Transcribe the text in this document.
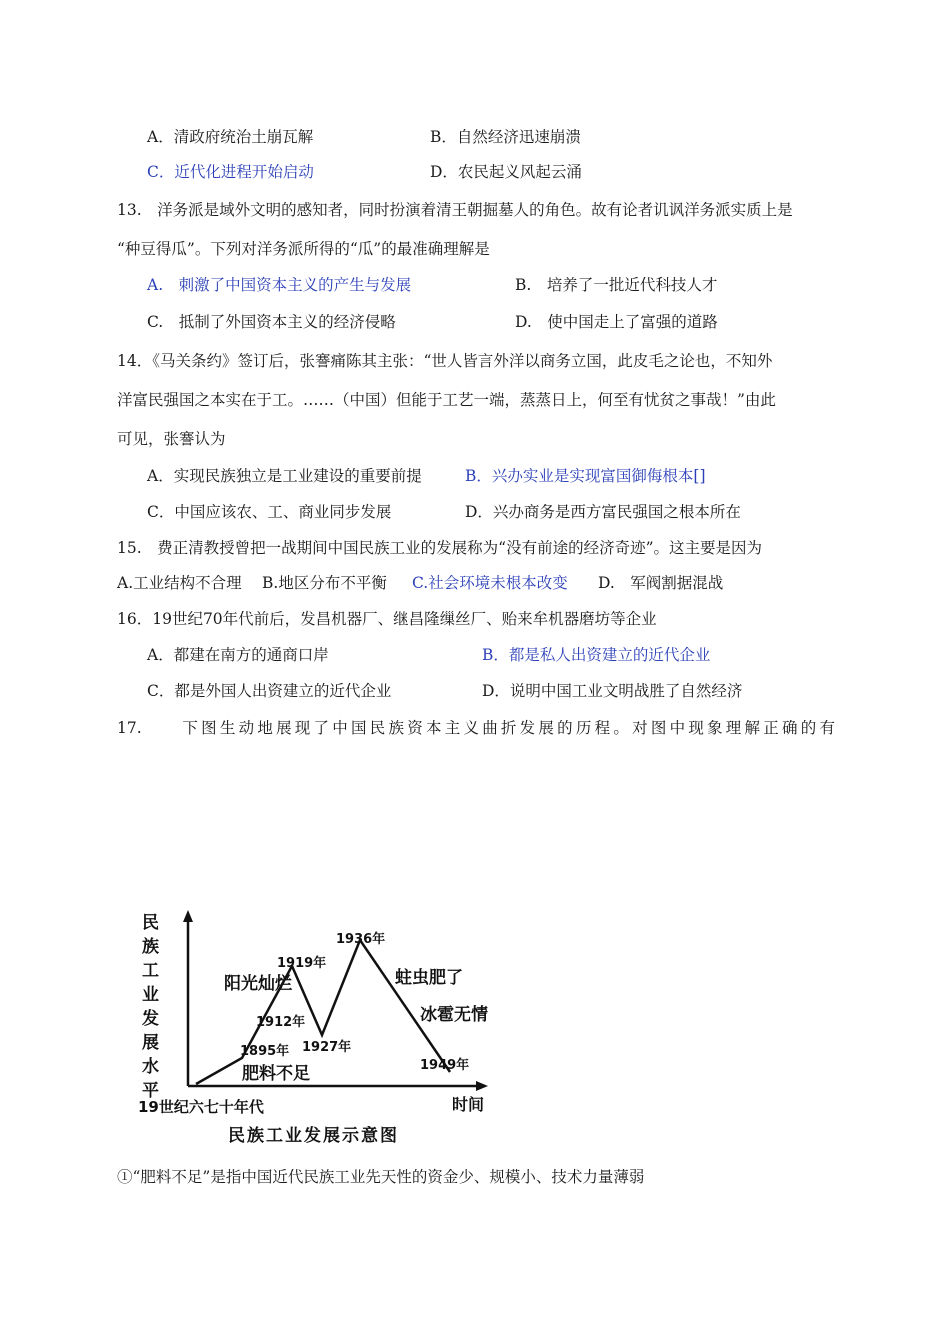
A．清政府统治土崩瓦解	B．自然经济迅速崩溃
C．近代化进程开始启动	D．农民起义风起云涌
13.　洋务派是域外文明的感知者，同时扮演着清王朝掘墓人的角色。故有论者讥讽洋务派实质上是
“种豆得瓜”。下列对洋务派所得的“瓜”的最准确理解是
A.　刺激了中国资本主义的产生与发展	B.　培养了一批近代科技人才
C.　抵制了外国资本主义的经济侵略	D.　使中国走上了富强的道路
14．《马关条约》签订后，张謇痛陈其主张：“世人皆言外洋以商务立国，此皮毛之论也，不知外
洋富民强国之本实在于工。……（中国）但能于工艺一端，蒸蒸日上，何至有忧贫之事哉！”由此
可见，张謇认为
A．实现民族独立是工业建设的重要前提	B．兴办实业是实现富国御侮根本[]
C．中国应该农、工、商业同步发展	D．兴办商务是西方富民强国之根本所在
15.　费正清教授曾把一战期间中国民族工业的发展称为“没有前途的经济奇迹”。这主要是因为
A.工业结构不合理 B.地区分布不平衡 C.社会环境未根本改变 D.　军阀割据混战
16．19世纪70年代前后，发昌机器厂、继昌隆缫丝厂、贻来牟机器磨坊等企业
A．都建在南方的通商口岸	B．都是私人出资建立的近代企业
C．都是外国人出资建立的近代企业	D．说明中国工业文明战胜了自然经济
17.　　下图生动地展现了中国民族资本主义曲折发展的历程。对图中现象理解正确的有
民
族
工
业
发
展
水
平
1895年
1912年
1919年
1927年
1936年
1949年
阳光灿烂	蛀虫肥了
冰雹无情
肥料不足
19世纪六七十年代	时间
民族工业发展示意图
①“肥料不足”是指中国近代民族工业先天性的资金少、规模小、技术力量薄弱
